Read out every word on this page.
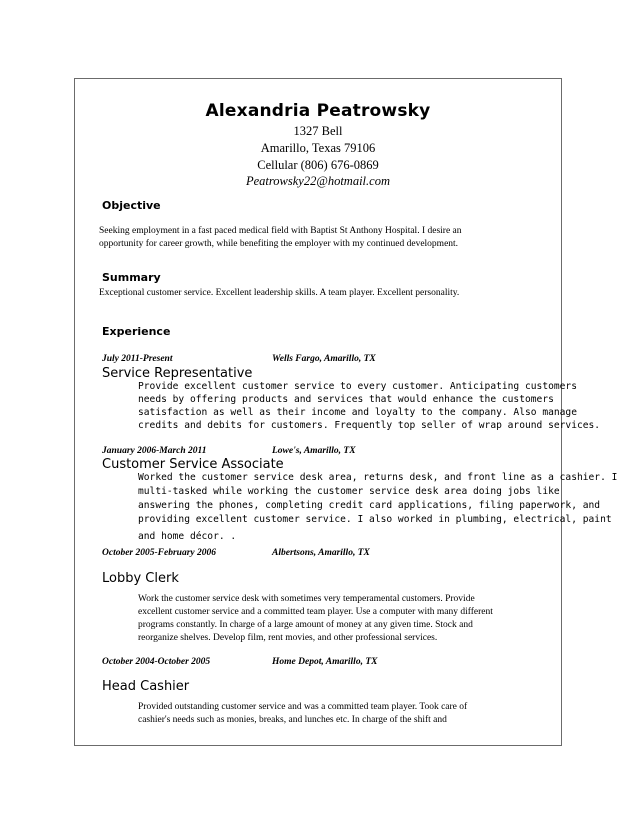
Alexandria Peatrowsky
1327 Bell
Amarillo, Texas 79106
Cellular (806) 676-0869
Peatrowsky22@hotmail.com
Objective
Seeking employment in a fast paced medical field with Baptist St Anthony Hospital. I desire an
opportunity for career growth, while benefiting the employer with my continued development.
Summary
Exceptional customer service. Excellent leadership skills. A team player. Excellent personality.
Experience
July 2011-Present	Wells Fargo, Amarillo, TX
Service Representative
Provide excellent customer service to every customer. Anticipating customers
needs by offering products and services that would enhance the customers
satisfaction as well as their income and loyalty to the company. Also manage
credits and debits for customers. Frequently top seller of wrap around services.
January 2006-March 2011	Lowe's, Amarillo, TX
Customer Service Associate
Worked the customer service desk area, returns desk, and front line as a cashier. I
multi-tasked while working the customer service desk area doing jobs like
answering the phones, completing credit card applications, filing paperwork, and
providing excellent customer service. I also worked in plumbing, electrical, paint
and home décor. .
October 2005-February 2006	Albertsons, Amarillo, TX
Lobby Clerk
Work the customer service desk with sometimes very temperamental customers. Provide
excellent customer service and a committed team player. Use a computer with many different
programs constantly. In charge of a large amount of money at any given time. Stock and
reorganize shelves. Develop film, rent movies, and other professional services.
October 2004-October 2005	Home Depot, Amarillo, TX
Head Cashier
Provided outstanding customer service and was a committed team player. Took care of
cashier's needs such as monies, breaks, and lunches etc. In charge of the shift and
